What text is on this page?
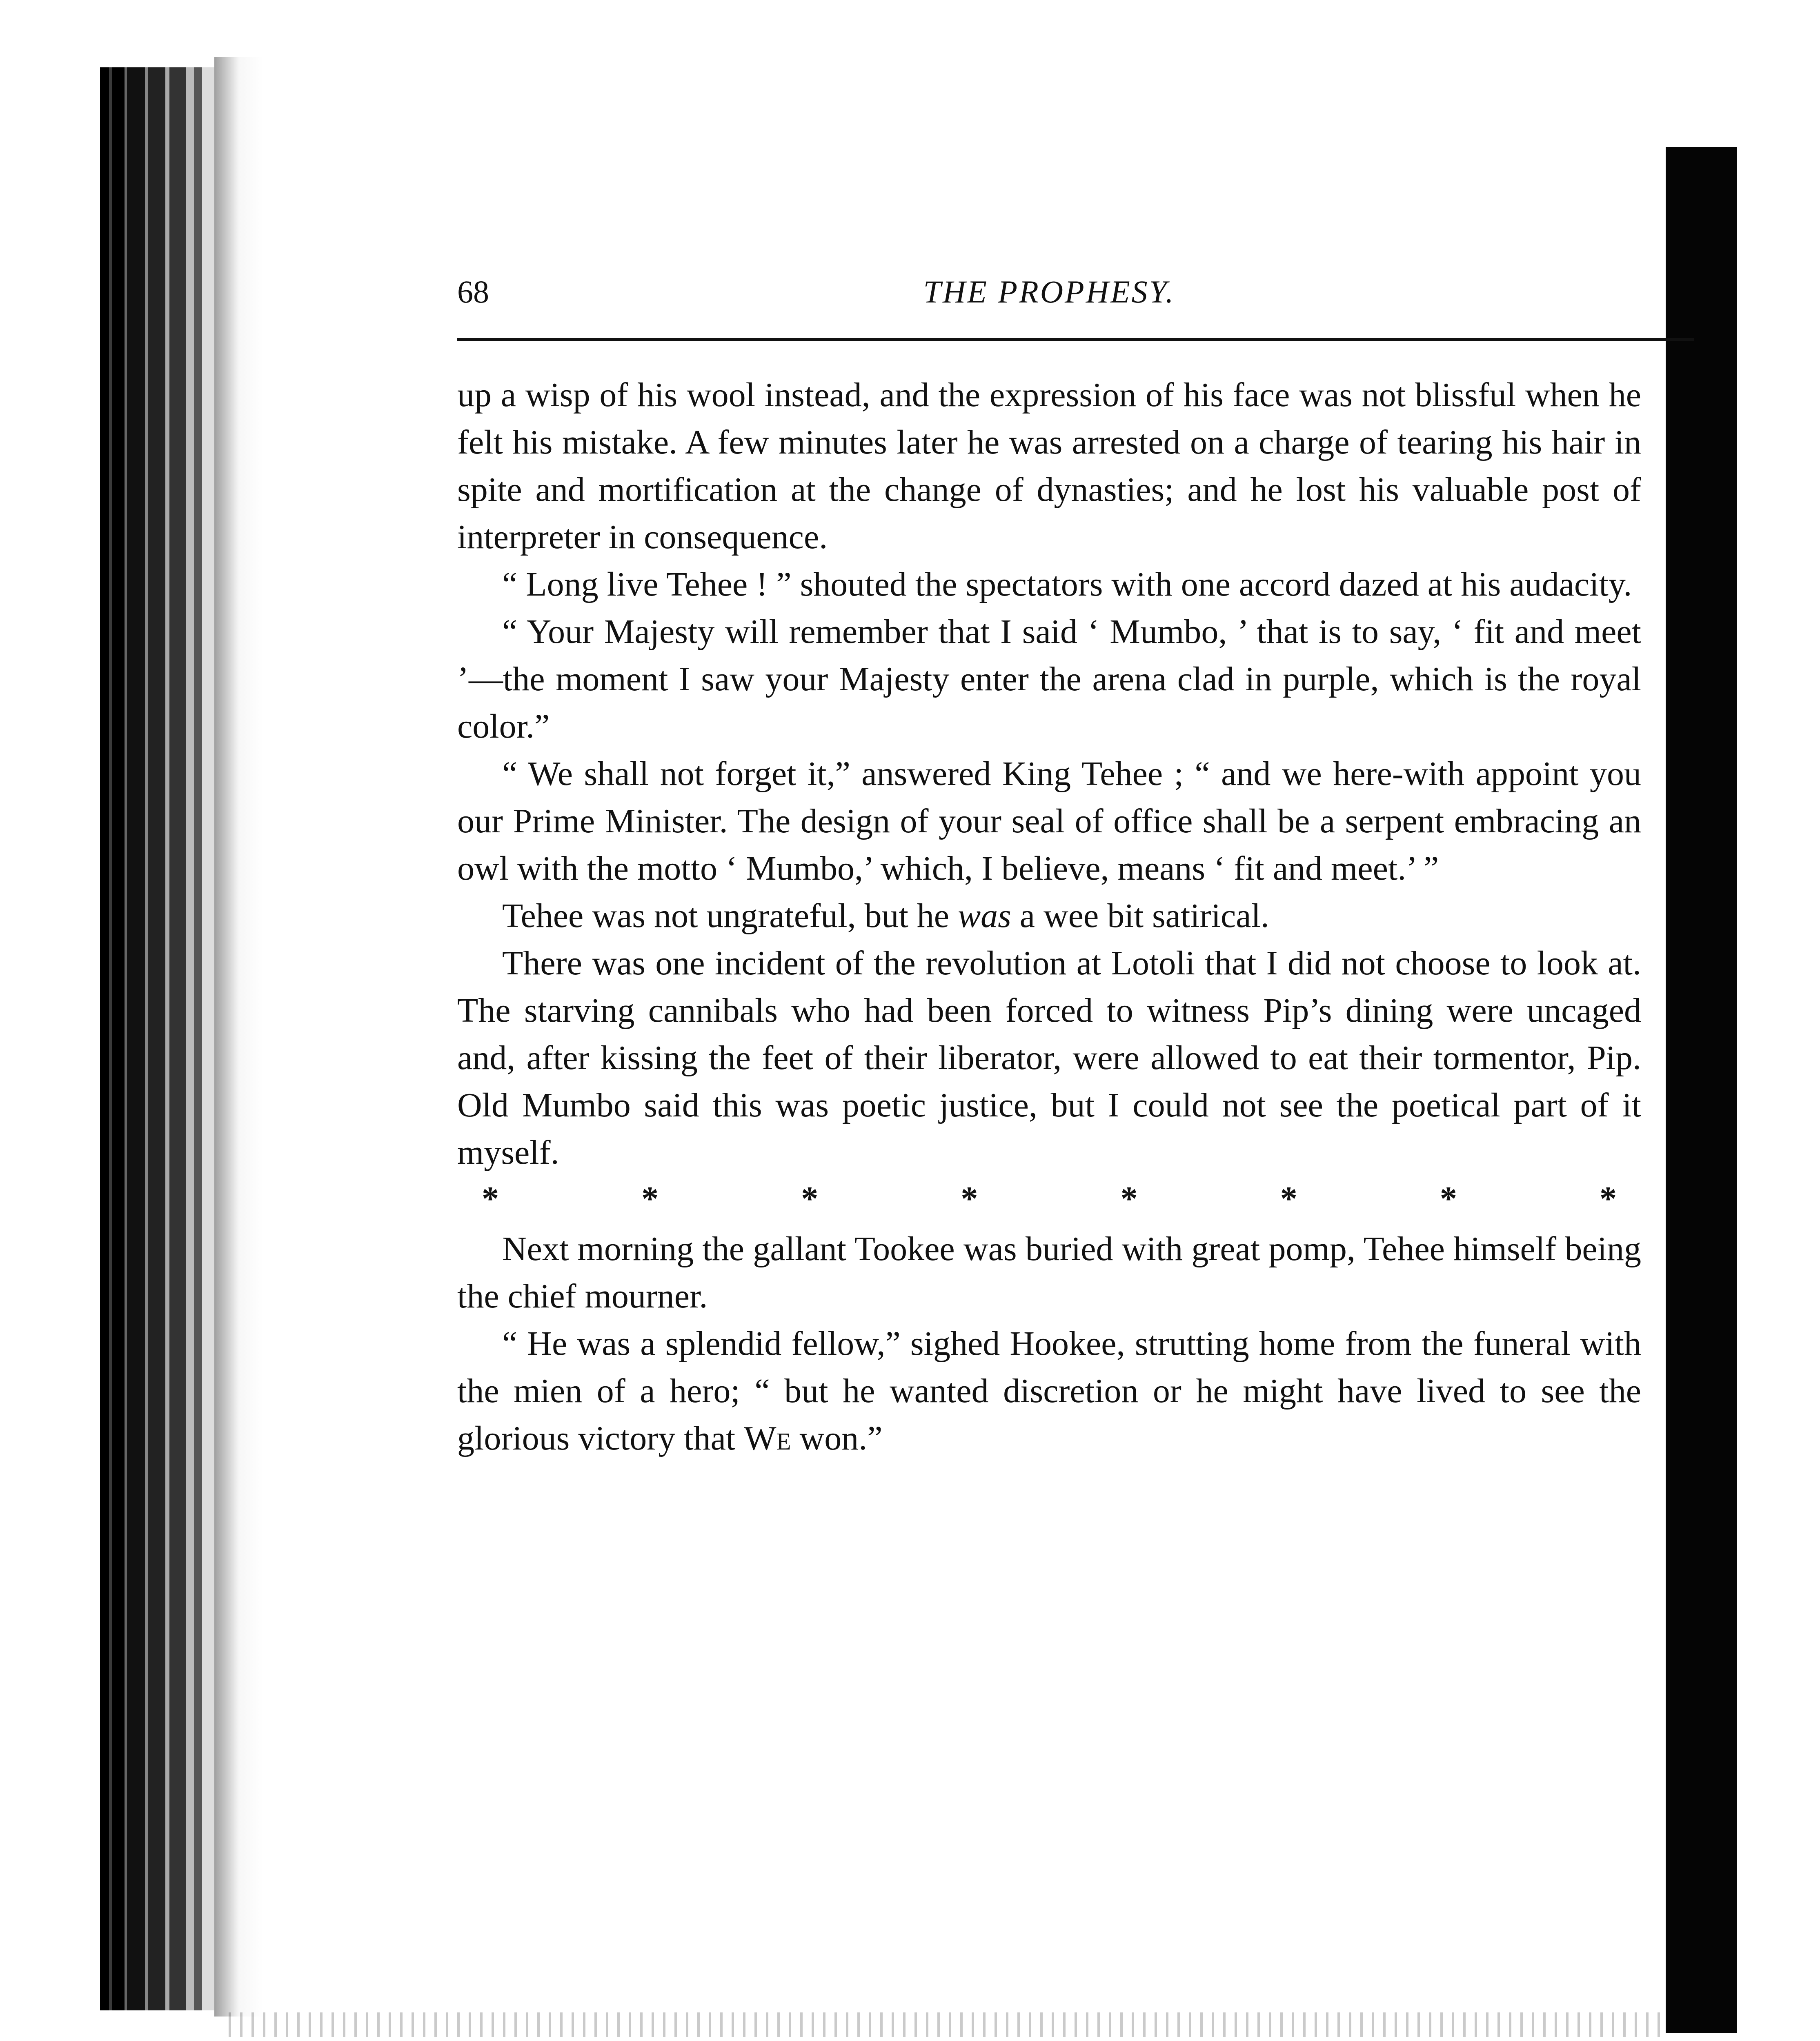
68	THE PROPHESY.

up a wisp of his wool instead, and the expression of his face was not blissful when he felt his mistake. A few minutes later he was arrested on a charge of tearing his hair in spite and mortification at the change of dynasties; and he lost his valuable post of interpreter in consequence.

“ Long live Tehee ! ” shouted the spectators with one accord dazed at his audacity.

“ Your Majesty will remember that I said ‘ Mumbo, ’ that is to say, ‘ fit and meet ’—the moment I saw your Majesty enter the arena clad in purple, which is the royal color.”

“ We shall not forget it,” answered King Tehee ; “ and we here-with appoint you our Prime Minister. The design of your seal of office shall be a serpent embracing an owl with the motto ‘ Mumbo,’ which, I believe, means ‘ fit and meet.’ ”

Tehee was not ungrateful, but he was a wee bit satirical.

There was one incident of the revolution at Lotoli that I did not choose to look at. The starving cannibals who had been forced to witness Pip’s dining were uncaged and, after kissing the feet of their liberator, were allowed to eat their tormentor, Pip. Old Mumbo said this was poetic justice, but I could not see the poetical part of it myself.

*	*	*	*	*	*	*	*

Next morning the gallant Tookee was buried with great pomp, Tehee himself being the chief mourner.

“ He was a splendid fellow,” sighed Hookee, strutting home from the funeral with the mien of a hero; “ but he wanted discretion or he might have lived to see the glorious victory that We won.”
